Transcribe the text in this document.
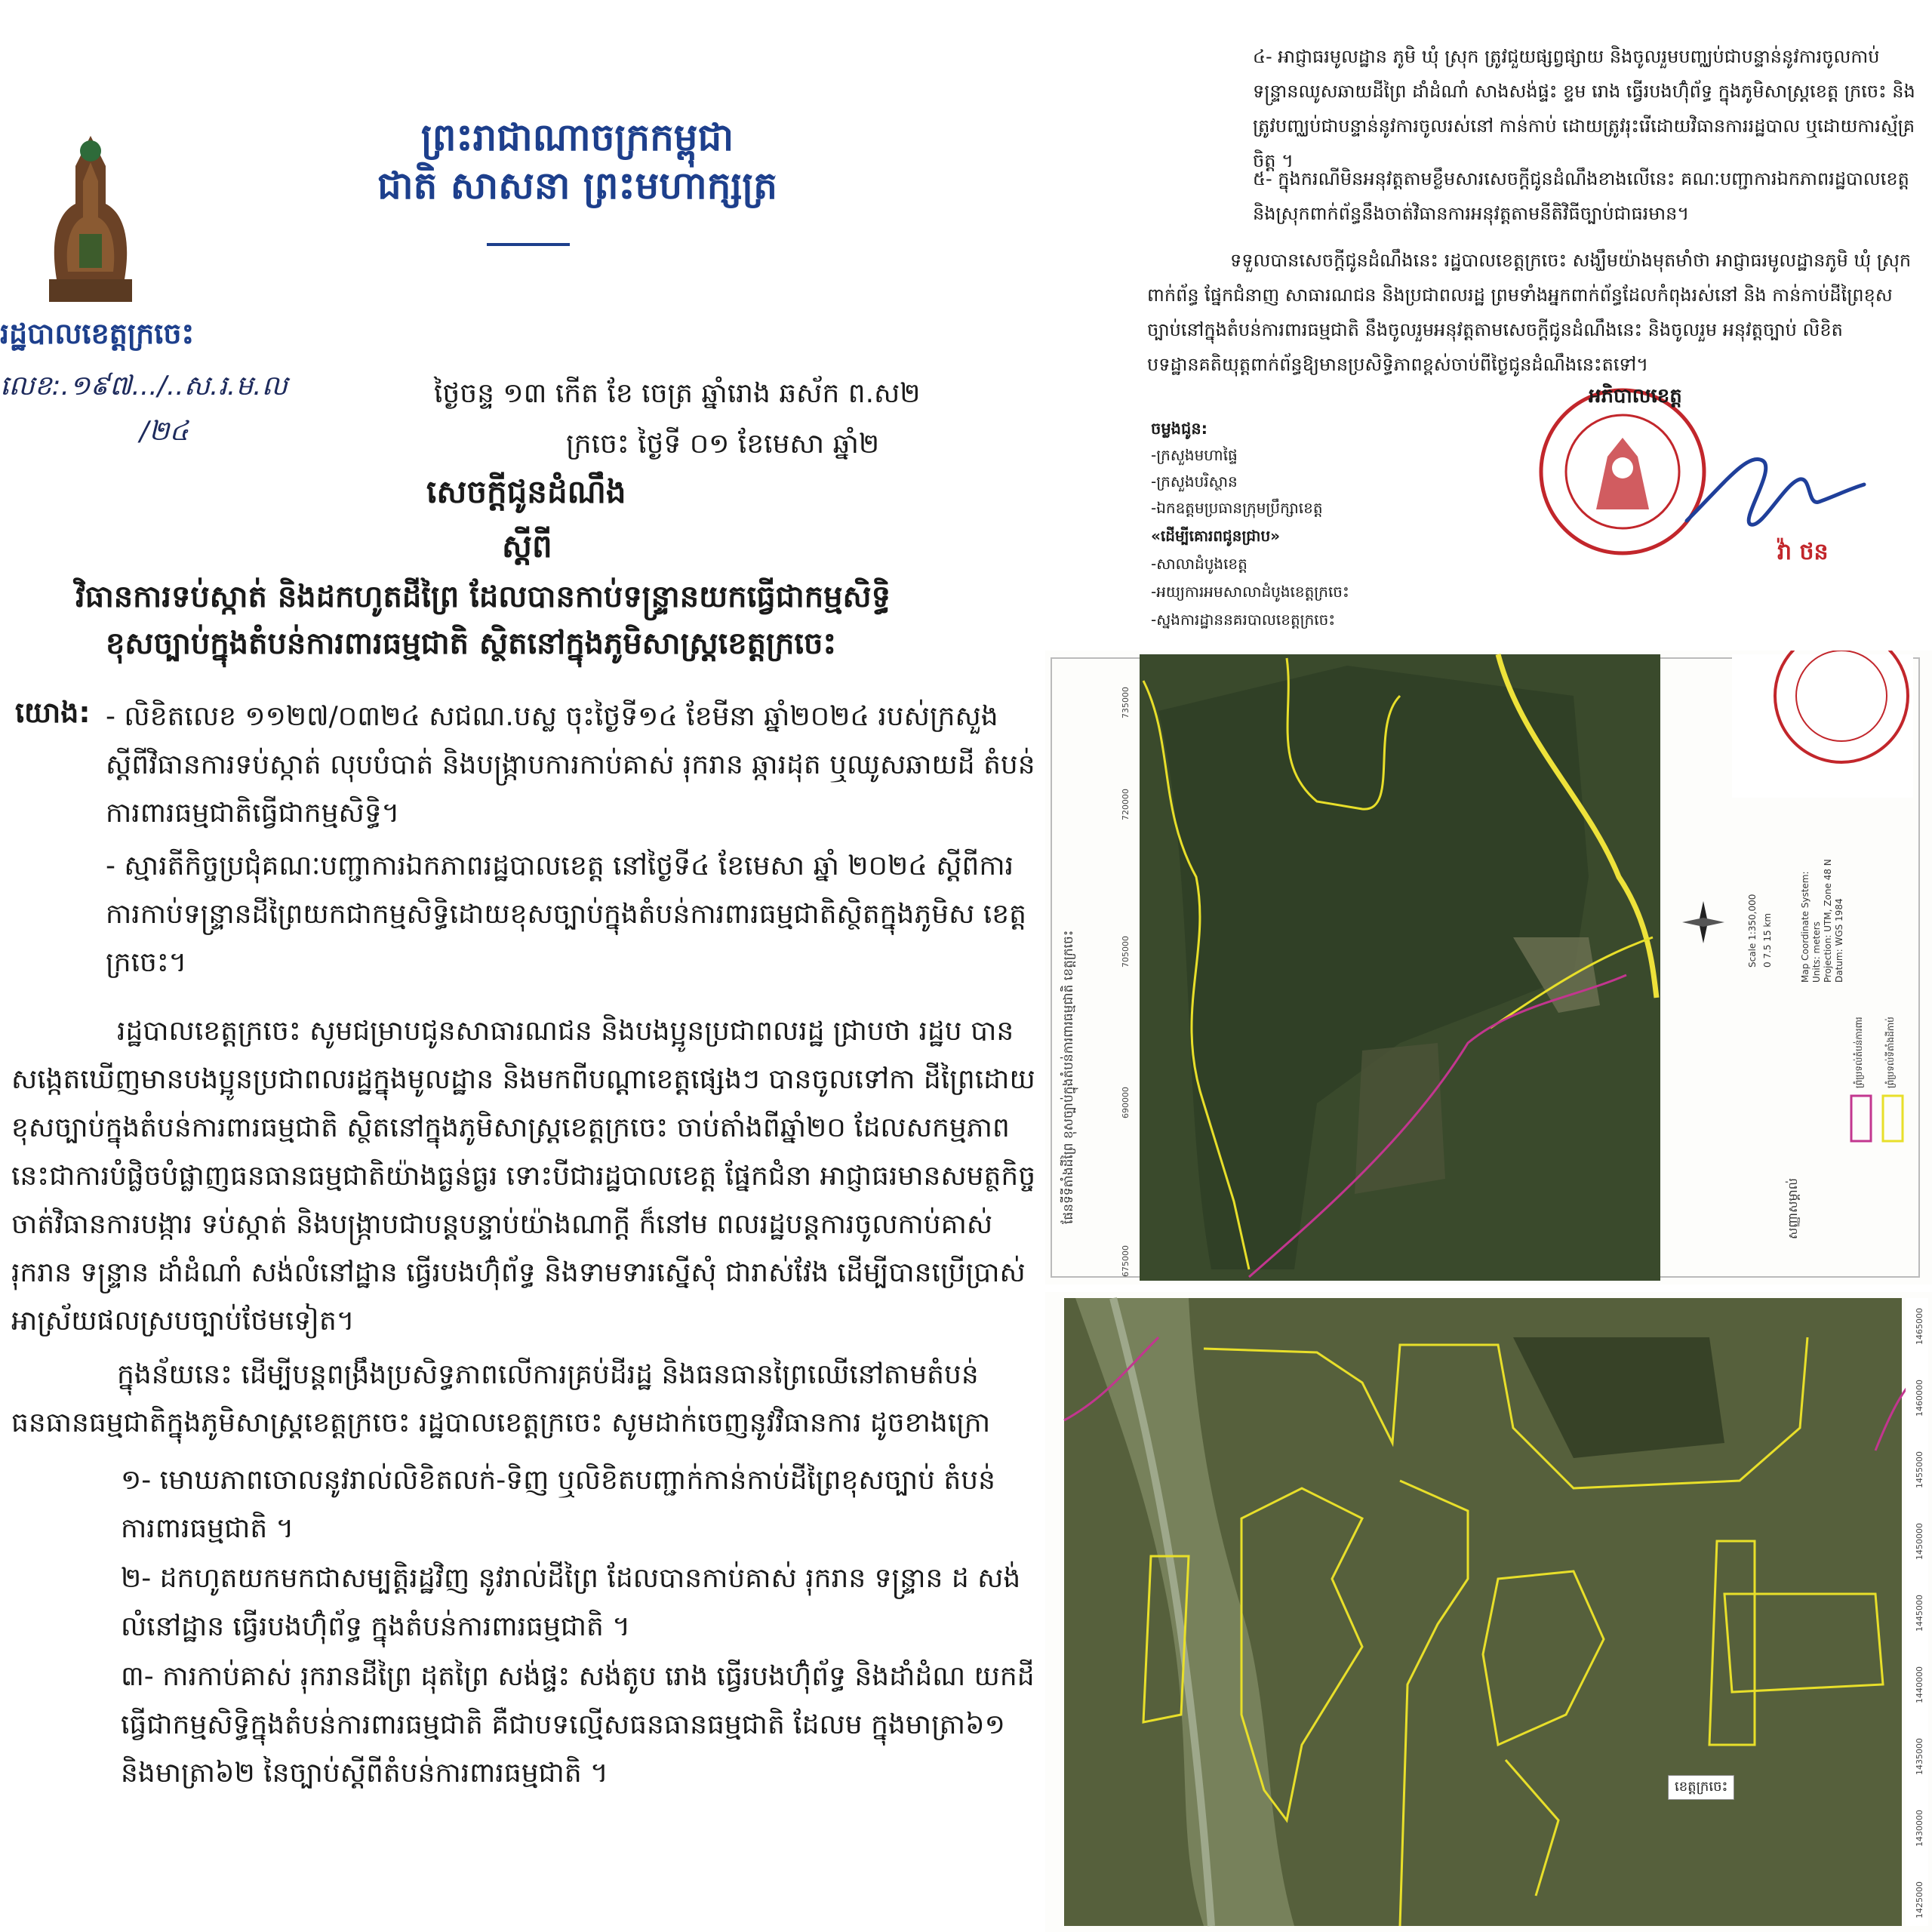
ព្រះរាជាណាចក្រកម្ពុជា
ជាតិ សាសនា ព្រះមហាក្សត្រ
រដ្ឋបាលខេត្តក្រចេះ
លេខ:.១៩៧.../..ស.រ.ម.ល
/២៤
ថ្ងៃចន្ទ ១៣ កើត ខែ ចេត្រ ឆ្នាំរោង ឆស័ក ព.ស២
ក្រចេះ ថ្ងៃទី ០១ ខែមេសា ឆ្នាំ២
សេចក្តីជូនដំណឹង
ស្តីពី
វិធានការទប់ស្កាត់ និងដកហូតដីព្រៃ ដែលបានកាប់ទន្ទ្រានយកធ្វើជាកម្មសិទ្ធិ
ខុសច្បាប់ក្នុងតំបន់ការពារធម្មជាតិ ស្ថិតនៅក្នុងភូមិសាស្ត្រខេត្តក្រចេះ
យោង: - លិខិតលេខ ១១២៧/០៣២៤ សជណ.បស្ល ចុះថ្ងៃទី១៤ ខែមីនា ឆ្នាំ២០២៤ របស់ក្រសួង ស្តីពីវិធានការទប់ស្កាត់ លុបបំបាត់ និងបង្ក្រាបការកាប់គាស់ រុករាន ឆ្ការដុត ឬឈូសឆាយដី តំបន់ការពារធម្មជាតិធ្វើជាកម្មសិទ្ធិ។
- ស្មារតីកិច្ចប្រជុំគណៈបញ្ជាការឯកភាពរដ្ឋបាលខេត្ត នៅថ្ងៃទី៤ ខែមេសា ឆ្នាំ ២០២៤ ស្តីពីការ ការកាប់ទន្ទ្រានដីព្រៃយកជាកម្មសិទ្ធិដោយខុសច្បាប់ក្នុងតំបន់ការពារធម្មជាតិស្ថិតក្នុងភូមិស ខេត្តក្រចេះ។
រដ្ឋបាលខេត្តក្រចេះ សូមជម្រាបជូនសាធារណជន និងបងប្អូនប្រជាពលរដ្ឋ ជ្រាបថា រដ្ឋប បានសង្កេតឃើញមានបងប្អូនប្រជាពលរដ្ឋក្នុងមូលដ្ឋាន និងមកពីបណ្តាខេត្តផ្សេងៗ បានចូលទៅកា ដីព្រៃដោយខុសច្បាប់ក្នុងតំបន់ការពារធម្មជាតិ ស្ថិតនៅក្នុងភូមិសាស្ត្រខេត្តក្រចេះ ចាប់តាំងពីឆ្នាំ២០ ដែលសកម្មភាពនេះជាការបំផ្លិចបំផ្លាញធនធានធម្មជាតិយ៉ាងធ្ងន់ធ្ងរ ទោះបីជារដ្ឋបាលខេត្ត ផ្នែកជំនា អាជ្ញាធរមានសមត្ថកិច្ចចាត់វិធានការបង្ការ ទប់ស្កាត់ និងបង្ក្រាបជាបន្តបន្ទាប់យ៉ាងណាក្តី ក៏នៅម ពលរដ្ឋបន្តការចូលកាប់គាស់ រុករាន ទន្ទ្រាន ដាំដំណាំ សង់លំនៅដ្ឋាន ធ្វើរបងហ៊ុំព័ទ្ធ និងទាមទារស្នើសុំ ជារាស់វែង ដើម្បីបានប្រើប្រាស់អាស្រ័យផលស្របច្បាប់ថែមទៀត។
ក្នុងន័យនេះ ដើម្បីបន្តពង្រឹងប្រសិទ្ធភាពលើការគ្រប់ដីរដ្ឋ និងធនធានព្រៃឈើនៅតាមតំបន់ ធនធានធម្មជាតិក្នុងភូមិសាស្ត្រខេត្តក្រចេះ រដ្ឋបាលខេត្តក្រចេះ សូមដាក់ចេញនូវវិធានការ ដូចខាងក្រោ
១- មោឃភាពចោលនូវរាល់លិខិតលក់-ទិញ ឬលិខិតបញ្ជាក់កាន់កាប់ដីព្រៃខុសច្បាប់ តំបន់ការពារធម្មជាតិ ។
២- ដកហូតយកមកជាសម្បត្តិរដ្ឋវិញ នូវរាល់ដីព្រៃ ដែលបានកាប់គាស់ រុករាន ទន្ទ្រាន ដ សង់លំនៅដ្ឋាន ធ្វើរបងហ៊ុំព័ទ្ធ ក្នុងតំបន់ការពារធម្មជាតិ ។
៣- ការកាប់គាស់ រុករានដីព្រៃ ដុតព្រៃ សង់ផ្ទះ សង់តូប រោង ធ្វើរបងហ៊ុំព័ទ្ធ និងដាំដំណ យកដីធ្វើជាកម្មសិទ្ធិក្នុងតំបន់ការពារធម្មជាតិ គឺជាបទល្មើសធនធានធម្មជាតិ ដែលម ក្នុងមាត្រា៦១ និងមាត្រា៦២ នៃច្បាប់ស្តីពីតំបន់ការពារធម្មជាតិ ។
៤- អាជ្ញាធរមូលដ្ឋាន ភូមិ ឃុំ ស្រុក ត្រូវជួយផ្សព្វផ្សាយ និងចូលរួមបញ្ឈប់ជាបន្ទាន់នូវការចូលកាប់ ទន្ទ្រានឈូសឆាយដីព្រៃ ដាំដំណាំ សាងសង់ផ្ទះ ខ្ទម រោង ធ្វើរបងហ៊ុំព័ទ្ធ ក្នុងភូមិសាស្ត្រខេត្ត ក្រចេះ និងត្រូវបញ្ឈប់ជាបន្ទាន់នូវការចូលរស់នៅ កាន់កាប់ ដោយត្រូវរុះរើដោយវិធានការរដ្ឋបាល ឬដោយការស្ម័គ្រចិត្ត ។
៥- ក្នុងករណីមិនអនុវត្តតាមខ្លឹមសារសេចក្តីជូនដំណឹងខាងលើនេះ គណៈបញ្ជាការឯកភាពរដ្ឋបាលខេត្ត និងស្រុកពាក់ព័ន្ធនឹងចាត់វិធានការអនុវត្តតាមនីតិវិធីច្បាប់ជាធរមាន។
ទទួលបានសេចក្តីជូនដំណឹងនេះ រដ្ឋបាលខេត្តក្រចេះ សង្ឃឹមយ៉ាងមុតមាំថា អាជ្ញាធរមូលដ្ឋានភូមិ ឃុំ ស្រុកពាក់ព័ន្ធ ផ្នែកជំនាញ សាធារណជន និងប្រជាពលរដ្ឋ ព្រមទាំងអ្នកពាក់ព័ន្ធដែលកំពុងរស់នៅ និង កាន់កាប់ដីព្រៃខុសច្បាប់នៅក្នុងតំបន់ការពារធម្មជាតិ នឹងចូលរួមអនុវត្តតាមសេចក្តីជូនដំណឹងនេះ និងចូលរួម អនុវត្តច្បាប់ លិខិតបទដ្ឋានគតិយុត្តពាក់ព័ន្ធឱ្យមានប្រសិទ្ធិភាពខ្ពស់ចាប់ពីថ្ងៃជូនដំណឹងនេះតទៅ។
ចម្លងជូន:
-ក្រសួងមហាផ្ទៃ
-ក្រសួងបរិស្ថាន
-ឯកឧត្តមប្រធានក្រុមប្រឹក្សាខេត្ត
«ដើម្បីគោរពជូនជ្រាប»
-សាលាដំបូងខេត្ត
-អយ្យការអមសាលាដំបូងខេត្តក្រចេះ
-ស្នងការដ្ឋាននគរបាលខេត្តក្រចេះ
អភិបាលខេត្ត
វ៉ា ថន
ផែនទីទីតាំងដីព្រៃ ខុសច្បាប់ក្នុងតំបន់ការពារធម្មជាតិ ខេត្តក្រចេះ	សញ្ញាសម្គាល់
ព្រំប្រទល់តំបន់ការពារ ព្រំប្រទល់ទីតាំងដីកាប់
Scale 1:350,000 0 7.5 15 km	Map Coordinate System: Units: meters Projection: UTM, Zone 48 N Datum: WGS 1984
675000
690000
705000
720000
735000
ខេត្តក្រចេះ
1425000
1430000
1435000
1440000
1445000
1450000
1455000
1460000
1465000
